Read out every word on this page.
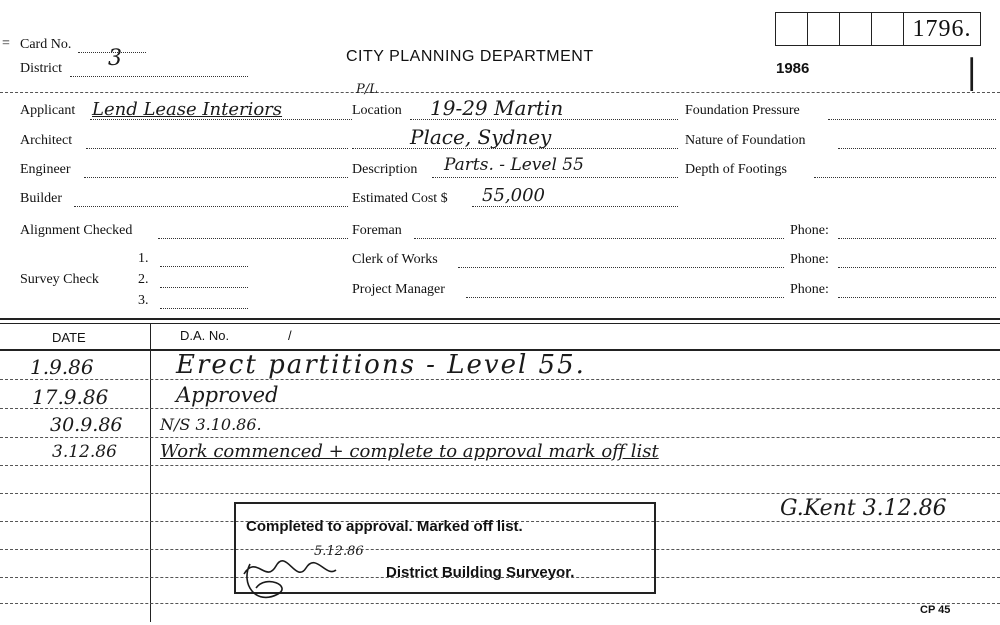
= Card No.
District 3	CITY PLANNING DEPARTMENT
1986
1796.
|
Applicant Lend Lease Interiors
Architect
Engineer
Builder
Alignment Checked
Survey Check
1.
2.
3.
P/L
Location 19-29 Martin
Place, Sydney
Description Parts. - Level 55
Estimated Cost $ 55,000
Foreman
Clerk of Works
Project Manager
Foundation Pressure
Nature of Foundation
Depth of Footings
Phone:
Phone:
Phone:
DATE	D.A. No.	/
1.9.86	Erect partitions - Level 55.
17.9.86	Approved
30.9.86 N/S 3.10.86.
3.12.86 Work commenced + complete to approval mark off list
G.Kent 3.12.86
Completed to approval. Marked off list.
District Building Surveyor.
5.12.86
CP 45
